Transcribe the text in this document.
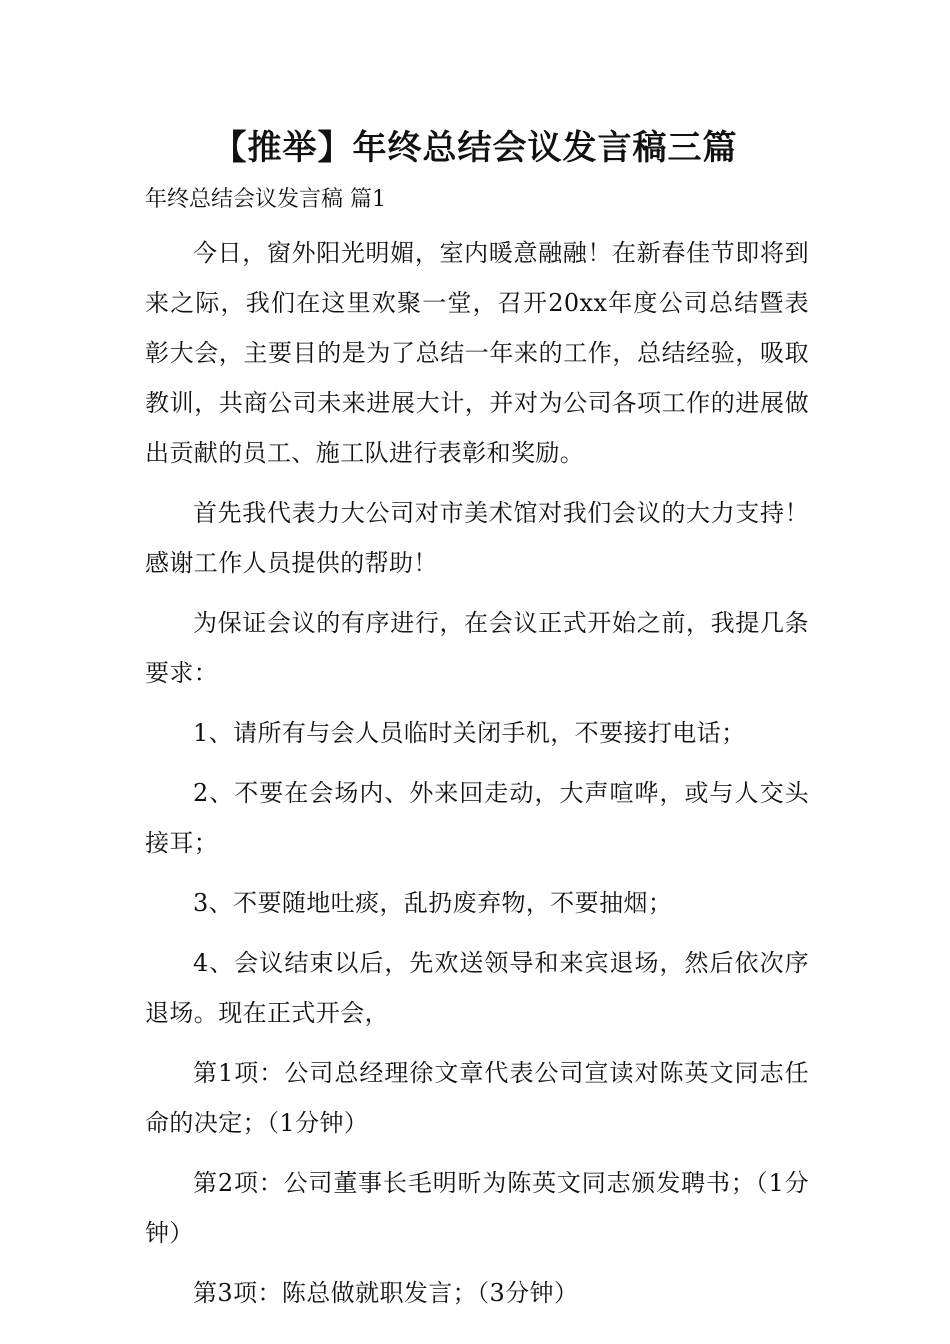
【推举】年终总结会议发言稿三篇

年终总结会议发言稿 篇1

今日，窗外阳光明媚，室内暖意融融！在新春佳节即将到来之际，我们在这里欢聚一堂，召开20xx年度公司总结暨表彰大会，主要目的是为了总结一年来的工作，总结经验，吸取教训，共商公司未来进展大计，并对为公司各项工作的进展做出贡献的员工、施工队进行表彰和奖励。

首先我代表力大公司对市美术馆对我们会议的大力支持！感谢工作人员提供的帮助！

为保证会议的有序进行，在会议正式开始之前，我提几条要求：

1、请所有与会人员临时关闭手机，不要接打电话；

2、不要在会场内、外来回走动，大声喧哗，或与人交头接耳；

3、不要随地吐痰，乱扔废弃物，不要抽烟；

4、会议结束以后，先欢送领导和来宾退场，然后依次序退场。现在正式开会，

第1项：公司总经理徐文章代表公司宣读对陈英文同志任命的决定；（1分钟）

第2项：公司董事长毛明昕为陈英文同志颁发聘书；（1分钟）

第3项：陈总做就职发言；（3分钟）
